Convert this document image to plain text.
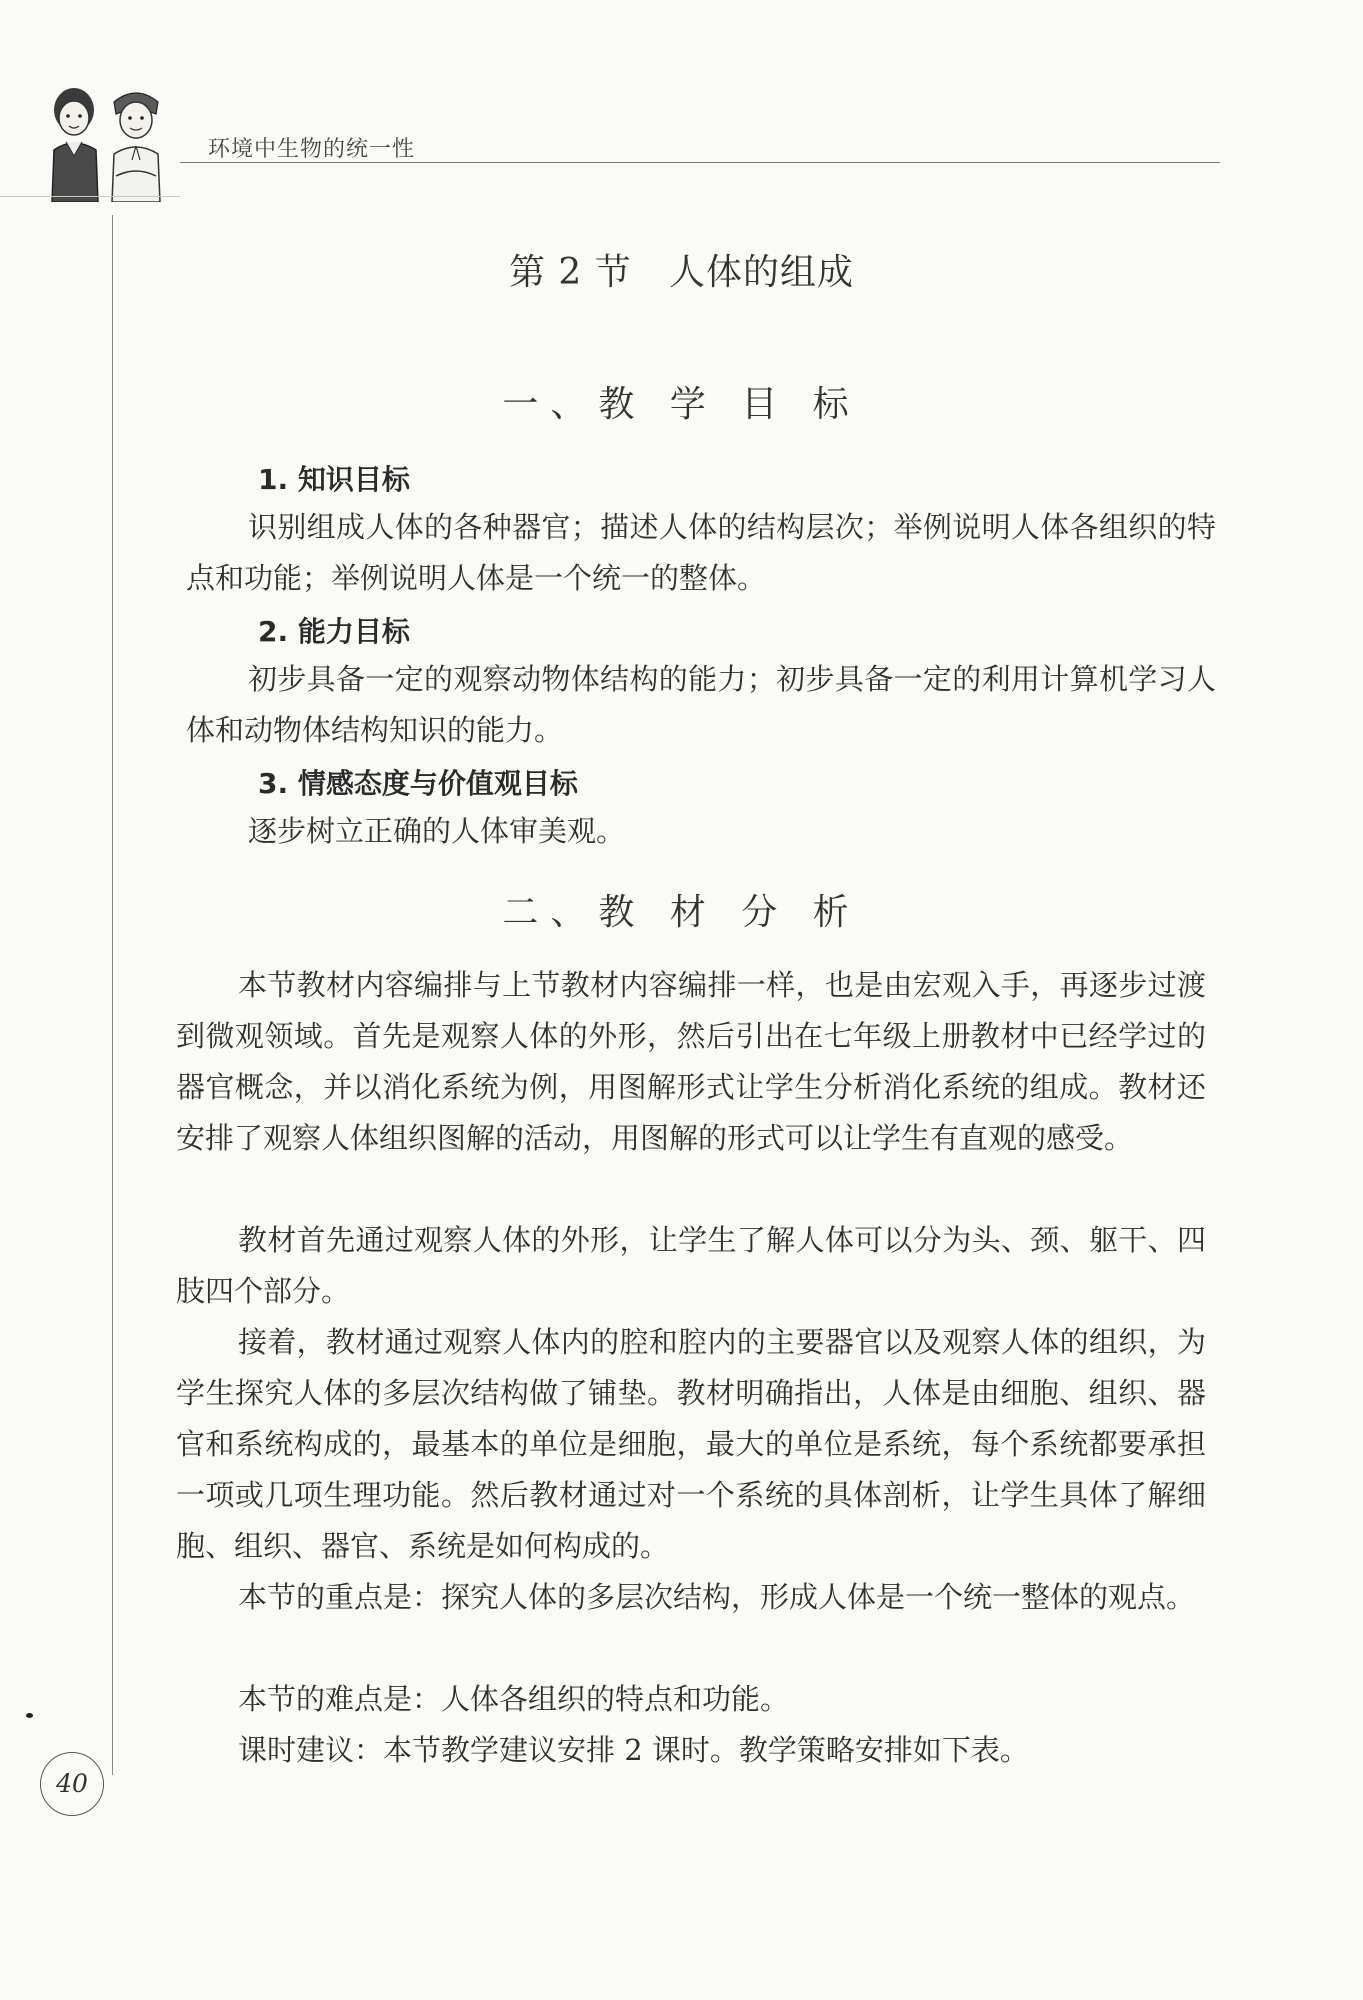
环境中生物的统一性
第 2 节   人体的组成
一、教 学 目 标
1. 知识目标

识别组成人体的各种器官；描述人体的结构层次；举例说明人体各组织的特点和功能；举例说明人体是一个统一的整体。

2. 能力目标

初步具备一定的观察动物体结构的能力；初步具备一定的利用计算机学习人体和动物体结构知识的能力。

3. 情感态度与价值观目标

逐步树立正确的人体审美观。

二、教 材 分 析

本节教材内容编排与上节教材内容编排一样，也是由宏观入手，再逐步过渡到微观领域。首先是观察人体的外形，然后引出在七年级上册教材中已经学过的器官概念，并以消化系统为例，用图解形式让学生分析消化系统的组成。教材还安排了观察人体组织图解的活动，用图解的形式可以让学生有直观的感受。

教材首先通过观察人体的外形，让学生了解人体可以分为头、颈、躯干、四肢四个部分。

接着，教材通过观察人体内的腔和腔内的主要器官以及观察人体的组织，为学生探究人体的多层次结构做了铺垫。教材明确指出，人体是由细胞、组织、器官和系统构成的，最基本的单位是细胞，最大的单位是系统，每个系统都要承担一项或几项生理功能。然后教材通过对一个系统的具体剖析，让学生具体了解细胞、组织、器官、系统是如何构成的。

本节的重点是：探究人体的多层次结构，形成人体是一个统一整体的观点。

本节的难点是：人体各组织的特点和功能。

课时建议：本节教学建议安排 2 课时。教学策略安排如下表。

40
